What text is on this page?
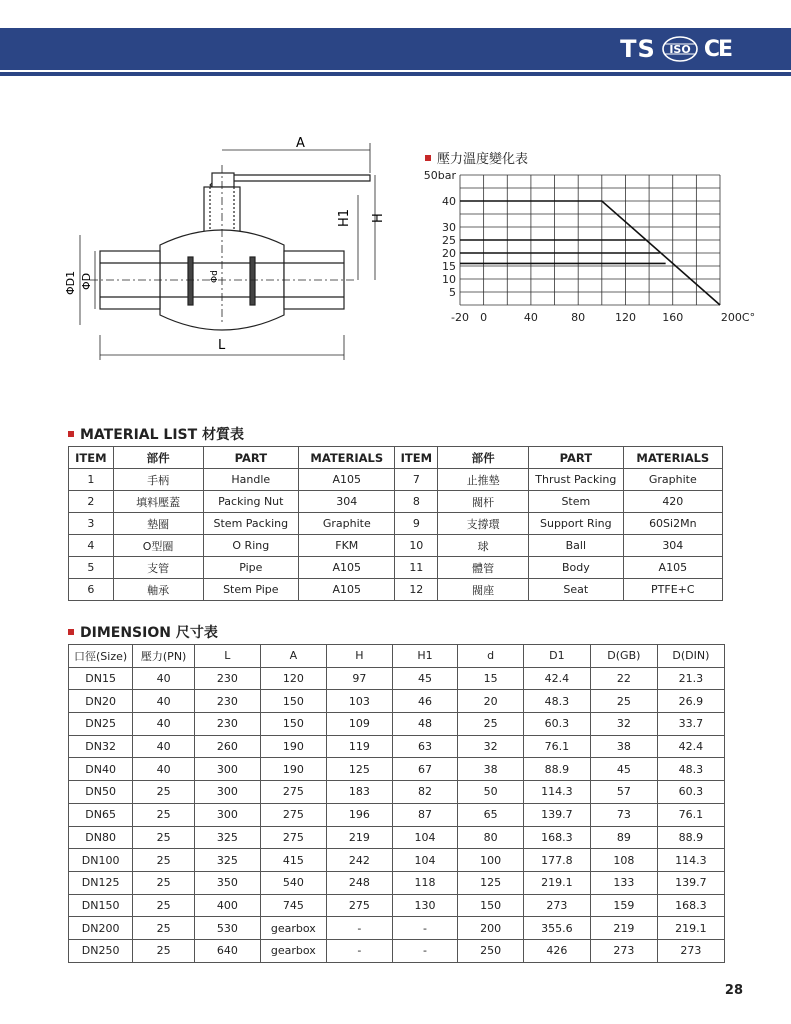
TS ISO CE
A
H
H1
L
ΦD1 ΦD	Φd
壓力溫度變化表
50bar
40
30
25
20
15
10
5
-20 0	40	80	120 160	200C°
MATERIAL LIST 材質表
ITEM	部件	PART	MATERIALS	ITEM	部件	PART	MATERIALS
1	手柄	Handle	A105	7	止推墊	Thrust Packing	Graphite
2	填料壓蓋	Packing Nut	304	8	閥杆	Stem	420
3	墊圈	Stem Packing	Graphite	9	支撐環	Support Ring	60Si2Mn
4	O型圈	O Ring	FKM	10	球	Ball	304
5	支管	Pipe	A105	11	體管	Body	A105
6	軸承	Stem Pipe	A105	12	閥座	Seat	PTFE+C
DIMENSION 尺寸表
口徑(Size)	壓力(PN)	L	A	H	H1	d	D1	D(GB)	D(DIN)
DN15	40	230	120	97	45	15	42.4	22	21.3
DN20	40	230	150	103	46	20	48.3	25	26.9
DN25	40	230	150	109	48	25	60.3	32	33.7
DN32	40	260	190	119	63	32	76.1	38	42.4
DN40	40	300	190	125	67	38	88.9	45	48.3
DN50	25	300	275	183	82	50	114.3	57	60.3
DN65	25	300	275	196	87	65	139.7	73	76.1
DN80	25	325	275	219	104	80	168.3	89	88.9
DN100	25	325	415	242	104	100	177.8	108	114.3
DN125	25	350	540	248	118	125	219.1	133	139.7
DN150	25	400	745	275	130	150	273	159	168.3
DN200	25	530	gearbox	-	-	200	355.6	219	219.1
DN250	25	640	gearbox	-	-	250	426	273	273
28
